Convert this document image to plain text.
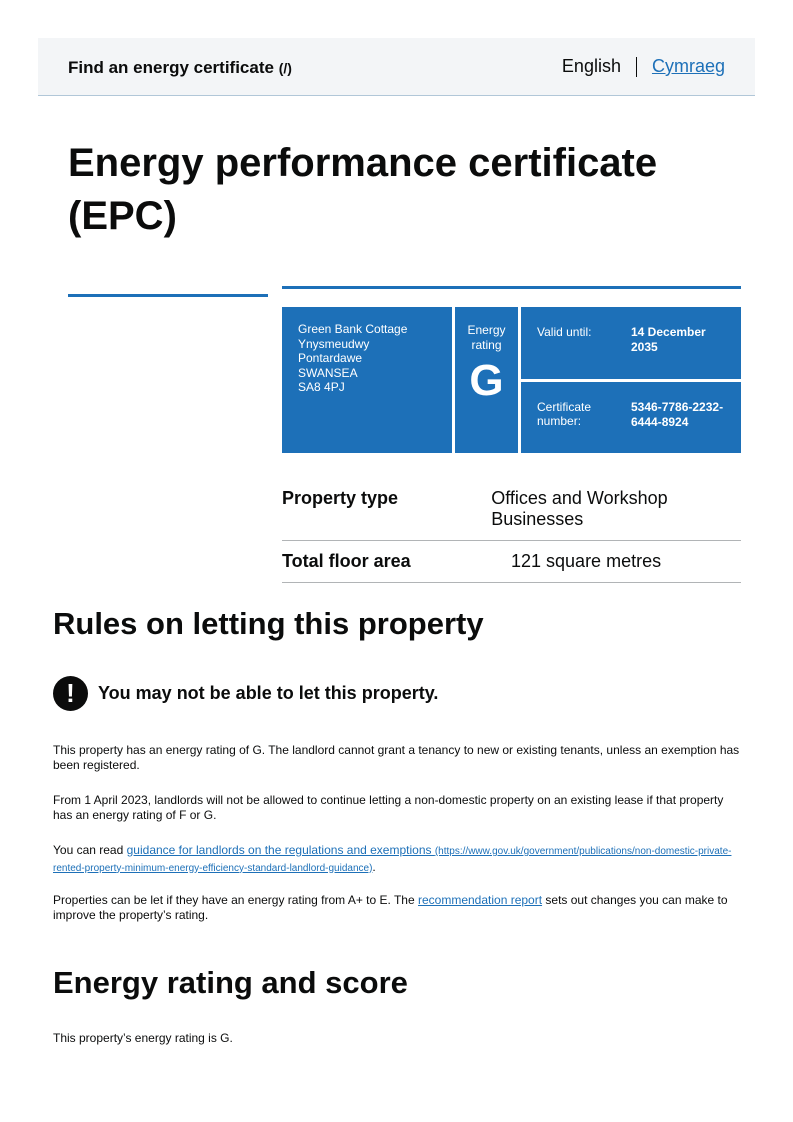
Find an energy certificate (/)	English Cymraeg
Energy performance certificate (EPC)
Green Bank Cottage
Ynysmeudwy
Pontardawe
SWANSEA
SA8 4PJ
Energy
rating
G
Valid until:	14 December 2035
Certificate number:
5346-7786-2232-6444-8924
Property type	Offices and Workshop Businesses
Total floor area	121 square metres
Rules on letting this property
!	You may not be able to let this property.

This property has an energy rating of G. The landlord cannot grant a tenancy to new or existing tenants, unless an exemption has been registered.

From 1 April 2023, landlords will not be allowed to continue letting a non-domestic property on an existing lease if that property has an energy rating of F or G.

You can read guidance for landlords on the regulations and exemptions (https://www.gov.uk/government/publications/non-domestic-private-rented-property-minimum-energy-efficiency-standard-landlord-guidance).

Properties can be let if they have an energy rating from A+ to E. The recommendation report sets out changes you can make to improve the property’s rating.

Energy rating and score

This property’s energy rating is G.
